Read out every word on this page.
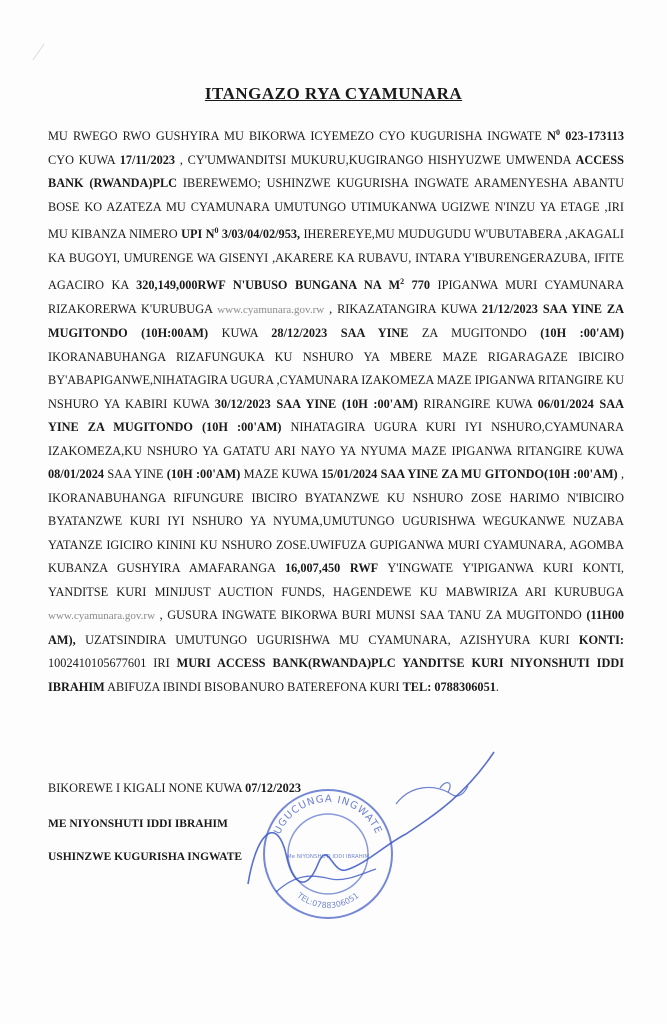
ITANGAZO RYA CYAMUNARA
MU RWEGO RWO GUSHYIRA MU BIKORWA ICYEMEZO CYO KUGURISHA INGWATE $N^0$ 023-173113 CYO KUWA 17/11/2023 , CY'UMWANDITSI MUKURU,KUGIRANGO HISHYUZWE UMWENDA ACCESS BANK (RWANDA)PLC IBEREWEMO; USHINZWE KUGURISHA INGWATE ARAMENYESHA ABANTU BOSE KO AZATEZA MU CYAMUNARA UMUTUNGO UTIMUKANWA UGIZWE N'INZU YA ETAGE ,IRI MU KIBANZA NIMERO UPI $N^0$ 3/03/04/02/953, IHEREREYE,MU MUDUGUDU W'UBUTABERA ,AKAGALI KA BUGOYI, UMURENGE WA GISENYI ,AKARERE KA RUBAVU, INTARA Y'IBURENGERAZUBA, IFITE AGACIRO KA 320,149,000RWF N'UBUSO BUNGANA NA $M^2$ 770 IPIGANWA MURI CYAMUNARA RIZAKORERWA K'URUBUGA www.cyamunara.gov.rw , RIKAZATANGIRA KUWA 21/12/2023 SAA YINE ZA MUGITONDO (10H:00AM) KUWA 28/12/2023 SAA YINE ZA MUGITONDO (10H :00'AM) IKORANABUHANGA RIZAFUNGUKA KU NSHURO YA MBERE MAZE RIGARAGAZE IBICIRO BY'ABAPIGANWE,NIHATAGIRA UGURA ,CYAMUNARA IZAKOMEZA MAZE IPIGANWA RITANGIRE KU NSHURO YA KABIRI KUWA 30/12/2023 SAA YINE (10H :00'AM) RIRANGIRE KUWA 06/01/2024 SAA YINE ZA MUGITONDO (10H :00'AM) NIHATAGIRA UGURA KURI IYI NSHURO,CYAMUNARA IZAKOMEZA,KU NSHURO YA GATATU ARI NAYO YA NYUMA MAZE IPIGANWA RITANGIRE KUWA 08/01/2024 SAA YINE (10H :00'AM) MAZE KUWA 15/01/2024 SAA YINE ZA MU GITONDO(10H :00'AM) , IKORANABUHANGA RIFUNGURE IBICIRO BYATANZWE KU NSHURO ZOSE HARIMO N'IBICIRO BYATANZWE KURI IYI NSHURO YA NYUMA,UMUTUNGO UGURISHWA WEGUKANWE NUZABA YATANZE IGICIRO KININI KU NSHURO ZOSE.UWIFUZA GUPIGANWA MURI CYAMUNARA, AGOMBA KUBANZA GUSHYIRA AMAFARANGA 16,007,450 RWF Y'INGWATE Y'IPIGANWA KURI KONTI, YANDITSE KURI MINIJUST AUCTION FUNDS, HAGENDEWE KU MABWIRIZA ARI KURUBUGA www.cyamunara.gov.rw , GUSURA INGWATE BIKORWA BURI MUNSI SAA TANU ZA MUGITONDO (11H00 AM), UZATSINDIRA UMUTUNGO UGURISHWA MU CYAMUNARA, AZISHYURA KURI KONTI: 1002410105677601 IRI MURI ACCESS BANK(RWANDA)PLC YANDITSE KURI NIYONSHUTI IDDI IBRAHIM ABIFUZA IBINDI BISOBANURO BATEREFONA KURI TEL: 0788306051.
BIKOREWE I KIGALI NONE KUWA 07/12/2023
ME NIYONSHUTI IDDI IBRAHIM
USHINZWE KUGURISHA INGWATE
UGUCUNGA INGWATE
TEL:0788306051
Me NIYONSHUTI IDDI IBRAHIM
